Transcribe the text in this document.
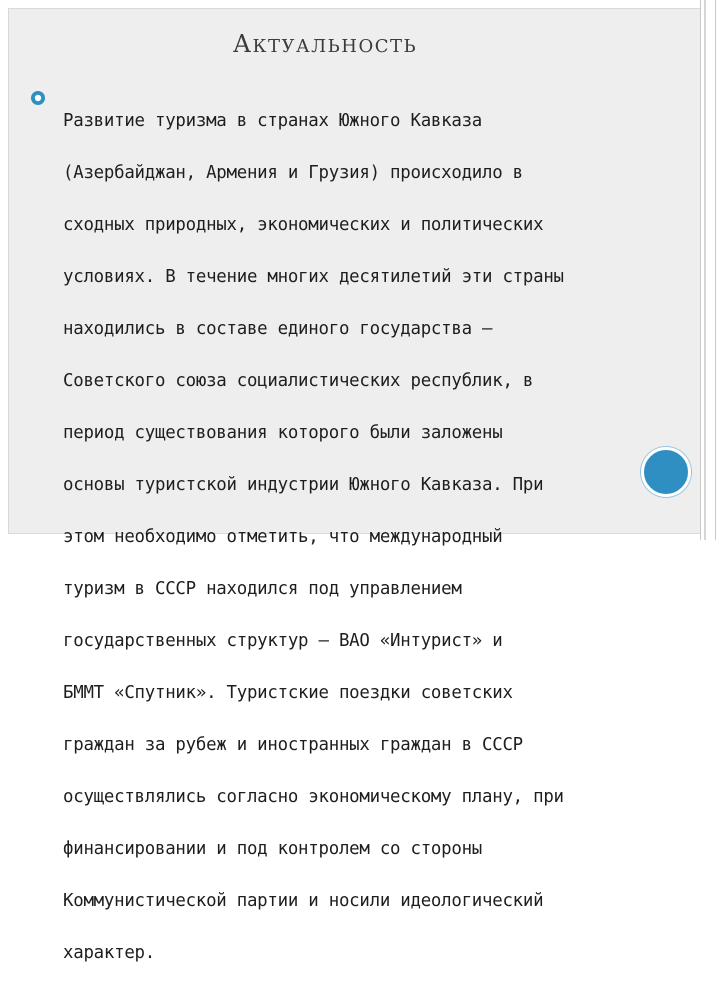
АКТУАЛЬНОСТЬ

Развитие туризма в странах Южного Кавказа

(Азербайджан, Армения и Грузия) происходило в

сходных природных, экономических и политических

условиях. В течение многих десятилетий эти страны

находились в составе единого государства –

Советского союза социалистических республик, в

период существования которого были заложены

основы туристской индустрии Южного Кавказа. При

этом необходимо отметить, что международный

туризм в СССР находился под управлением

государственных структур – ВАО «Интурист» и

БММТ «Спутник». Туристские поездки советских

граждан за рубеж и иностранных граждан в СССР

осуществлялись согласно экономическому плану, при

финансировании и под контролем со стороны

Коммунистической партии и носили идеологический

характер.
